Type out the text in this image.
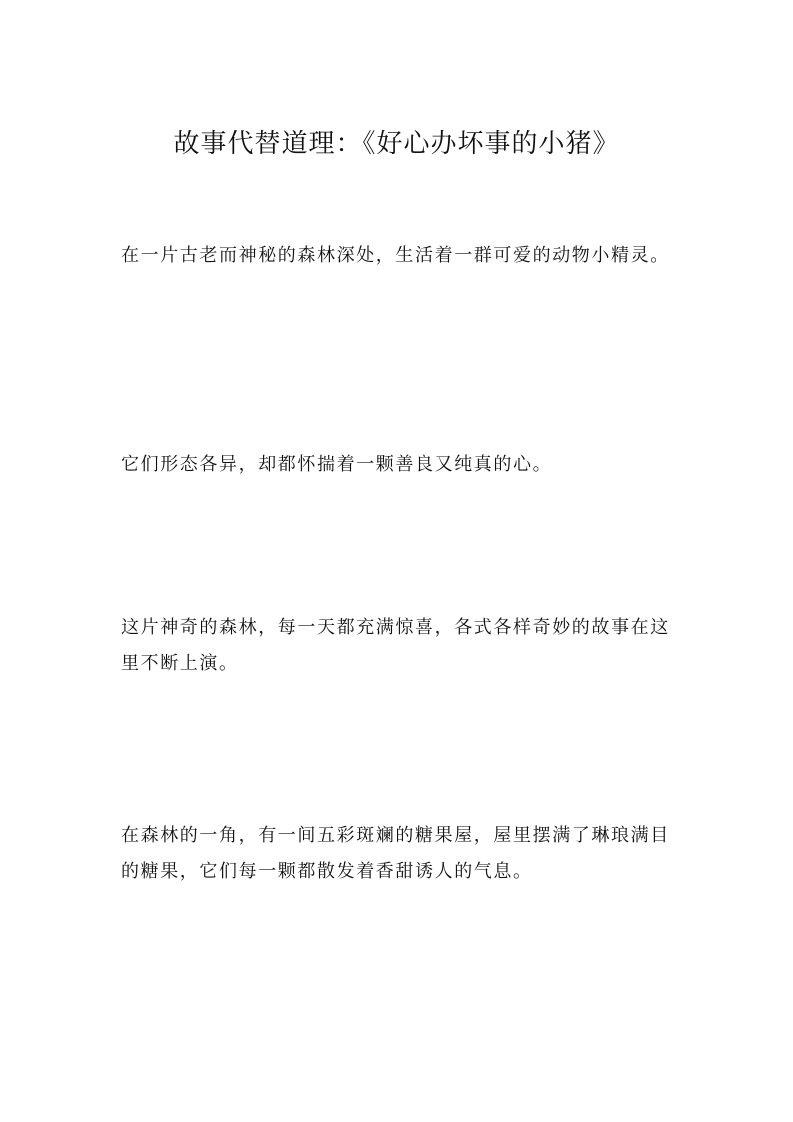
故事代替道理：《好心办坏事的小猪》

在一片古老而神秘的森林深处，生活着一群可爱的动物小精灵。

它们形态各异，却都怀揣着一颗善良又纯真的心。

这片神奇的森林，每一天都充满惊喜，各式各样奇妙的故事在这里不断上演。

在森林的一角，有一间五彩斑斓的糖果屋，屋里摆满了琳琅满目的糖果，它们每一颗都散发着香甜诱人的气息。
